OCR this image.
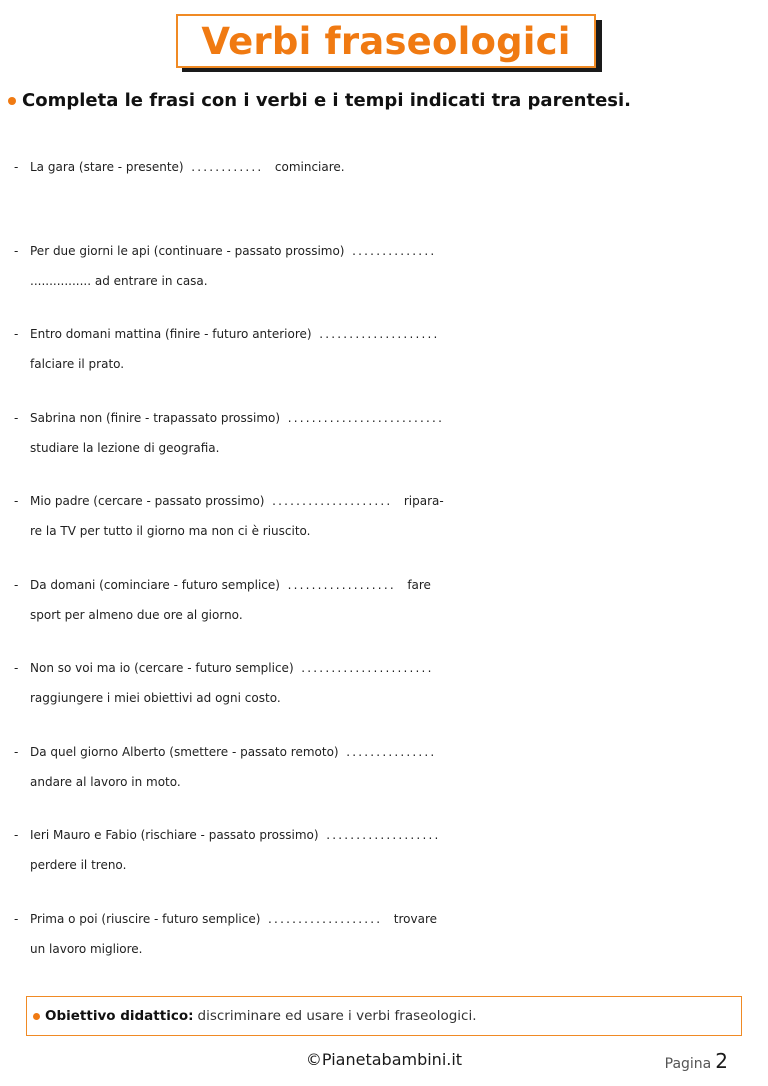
Verbi fraseologici
Completa le frasi con i verbi e i tempi indicati tra parentesi.
- La gara (stare - presente) ............ cominciare.
- Per due giorni le api (continuare - passato prossimo) ..............
................ ad entrare in casa.
- Entro domani mattina (finire - futuro anteriore) ....................
falciare il prato.
- Sabrina non (finire - trapassato prossimo) ..........................
studiare la lezione di geografia.
- Mio padre (cercare - passato prossimo) .................... ripara-
re la TV per tutto il giorno ma non ci è riuscito.
- Da domani (cominciare - futuro semplice) .................. fare
sport per almeno due ore al giorno.
- Non so voi ma io (cercare - futuro semplice) ......................
raggiungere i miei obiettivi ad ogni costo.
- Da quel giorno Alberto (smettere - passato remoto) ...............
andare al lavoro in moto.
- Ieri Mauro e Fabio (rischiare - passato prossimo) ...................
perdere il treno.
- Prima o poi (riuscire - futuro semplice) ................... trovare
un lavoro migliore.
Obiettivo didattico: discriminare ed usare i verbi fraseologici.
©Pianetabambini.it	Pagina 2
